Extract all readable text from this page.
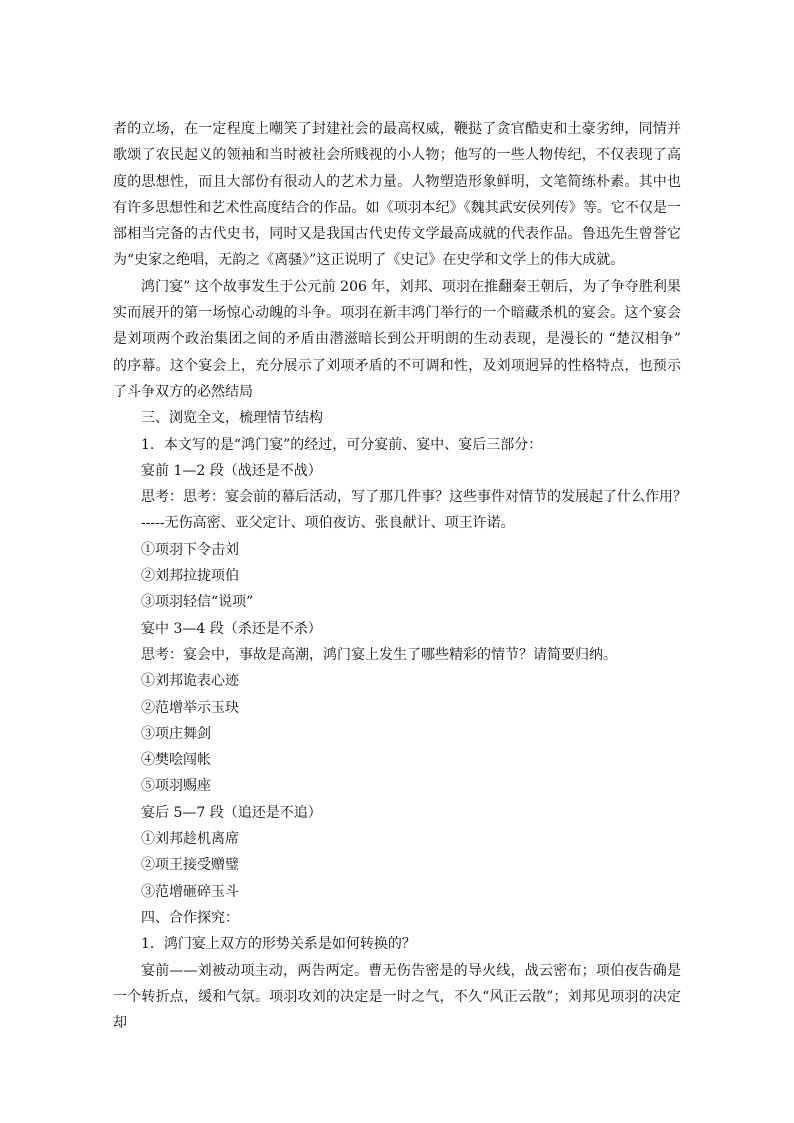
者的立场，在一定程度上嘲笑了封建社会的最高权威，鞭挞了贪官酷吏和土豪劣绅，同情并歌颂了农民起义的领袖和当时被社会所贱视的小人物；他写的一些人物传纪，不仅表现了高度的思想性，而且大部份有很动人的艺术力量。人物塑造形象鲜明，文笔简练朴素。其中也有许多思想性和艺术性高度结合的作品。如《项羽本纪》《魏其武安侯列传》等。它不仅是一部相当完备的古代史书，同时又是我国古代史传文学最高成就的代表作品。鲁迅先生曾誉它为“史家之绝唱，无韵之《离骚》”这正说明了《史记》在史学和文学上的伟大成就。

鸿门宴” 这个故事发生于公元前 206 年，刘邦、项羽在推翻秦王朝后，为了争夺胜利果实而展开的第一场惊心动魄的斗争。项羽在新丰鸿门举行的一个暗藏杀机的宴会。这个宴会是刘项两个政治集团之间的矛盾由潜滋暗长到公开明朗的生动表现，是漫长的 “楚汉相争” 的序幕。这个宴会上，充分展示了刘项矛盾的不可调和性，及刘项迥异的性格特点，也预示了斗争双方的必然结局

三、浏览全文，梳理情节结构

1．本文写的是“鸿门宴”的经过，可分宴前、宴中、宴后三部分：

宴前 1—2 段（战还是不战）

思考：思考：宴会前的幕后活动，写了那几件事？这些事件对情节的发展起了什么作用？

-----无伤高密、亚父定计、项伯夜访、张良献计、项王许诺。

①项羽下令击刘

②刘邦拉拢项伯

③项羽轻信“说项”

宴中 3—4 段（杀还是不杀）

思考：宴会中，事故是高潮，鸿门宴上发生了哪些精彩的情节？请简要归纳。

①刘邦诡表心迹

②范增举示玉玦

③项庄舞剑

④樊哙闯帐

⑤项羽赐座

宴后 5—7 段（追还是不追）

①刘邦趁机离席

②项王接受赠璧

③范增砸碎玉斗

四、合作探究：

1．鸿门宴上双方的形势关系是如何转换的？

宴前——刘被动项主动，两告两定。曹无伤告密是的导火线，战云密布；项伯夜告确是一个转折点，缓和气氛。项羽攻刘的决定是一时之气，不久“风正云散”；刘邦见项羽的决定却
